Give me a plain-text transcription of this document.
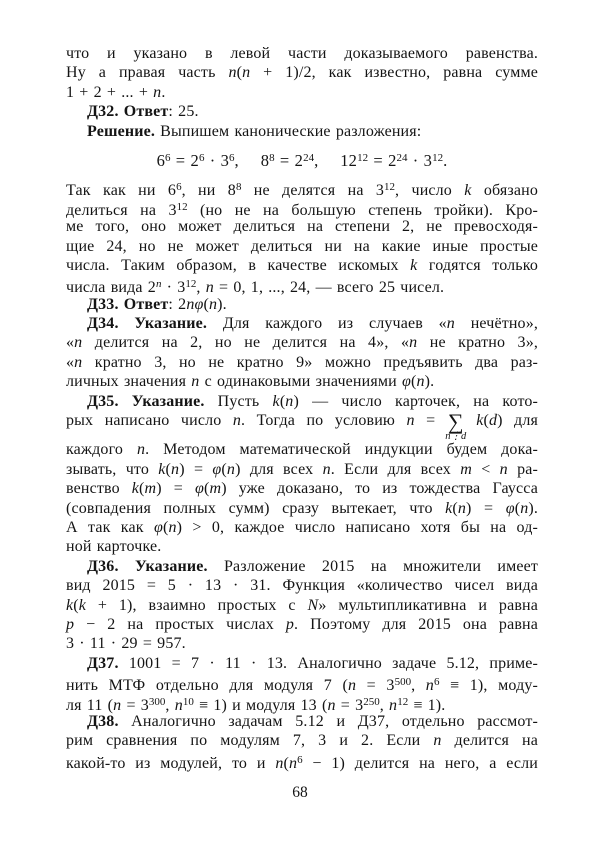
что и указано в левой части доказываемого равенства.
Ну а правая часть n(n + 1)/2, как известно, равна сумме
1 + 2 + ... + n.
Д32. Ответ: 25.
Решение. Выпишем канонические разложения:
$6^6 = 2^6 \cdot 3^6$,  $8^8 = 2^{24}$,  $12^{12} = 2^{24} \cdot 3^{12}$.
Так как ни $6^6$, ни $8^8$ не делятся на $3^{12}$, число k обязано
делиться на $3^{12}$ (но не на большую степень тройки). Кро-
ме того, оно может делиться на степени 2, не превосходя-
щие 24, но не может делиться ни на какие иные простые
числа. Таким образом, в качестве искомых k годятся только
числа вида $2^n \cdot 3^{12}$, n = 0, 1, ..., 24, — всего 25 чисел.
Д33. Ответ: 2nφ(n).
Д34. Указание. Для каждого из случаев «n нечётно»,
«n делится на 2, но не делится на 4», «n не кратно 3»,
«n кратно 3, но не кратно 9» можно предъявить два раз-
личных значения n с одинаковыми значениями φ(n).
Д35. Указание. Пусть k(n) — число карточек, на кото-
рых написано число n. Тогда по условию n = ∑
n⋮d
k(d) для
каждого n. Методом математической индукции будем дока-
зывать, что k(n) = φ(n) для всех n. Если для всех m < n ра-
венство k(m) = φ(m) уже доказано, то из тождества Гаусса
(совпадения полных сумм) сразу вытекает, что k(n) = φ(n).
А так как φ(n) > 0, каждое число написано хотя бы на од-
ной карточке.
Д36. Указание. Разложение 2015 на множители имеет
вид 2015 = 5 · 13 · 31. Функция «количество чисел вида
k(k + 1), взаимно простых с N» мультипликативна и равна
p − 2 на простых числах p. Поэтому для 2015 она равна
3 · 11 · 29 = 957.
Д37. 1001 = 7 · 11 · 13. Аналогично задаче 5.12, приме-
нить МТФ отдельно для модуля 7 ($n = 3^{500}$, $n^6 \equiv 1$), моду-
ля 11 ($n = 3^{300}$, $n^{10} \equiv 1$) и модуля 13 ($n = 3^{250}$, $n^{12} \equiv 1$).
Д38. Аналогично задачам 5.12 и Д37, отдельно рассмот-
рим сравнения по модулям 7, 3 и 2. Если n делится на
какой-то из модулей, то и $n(n^6 - 1)$ делится на него, а если
68
